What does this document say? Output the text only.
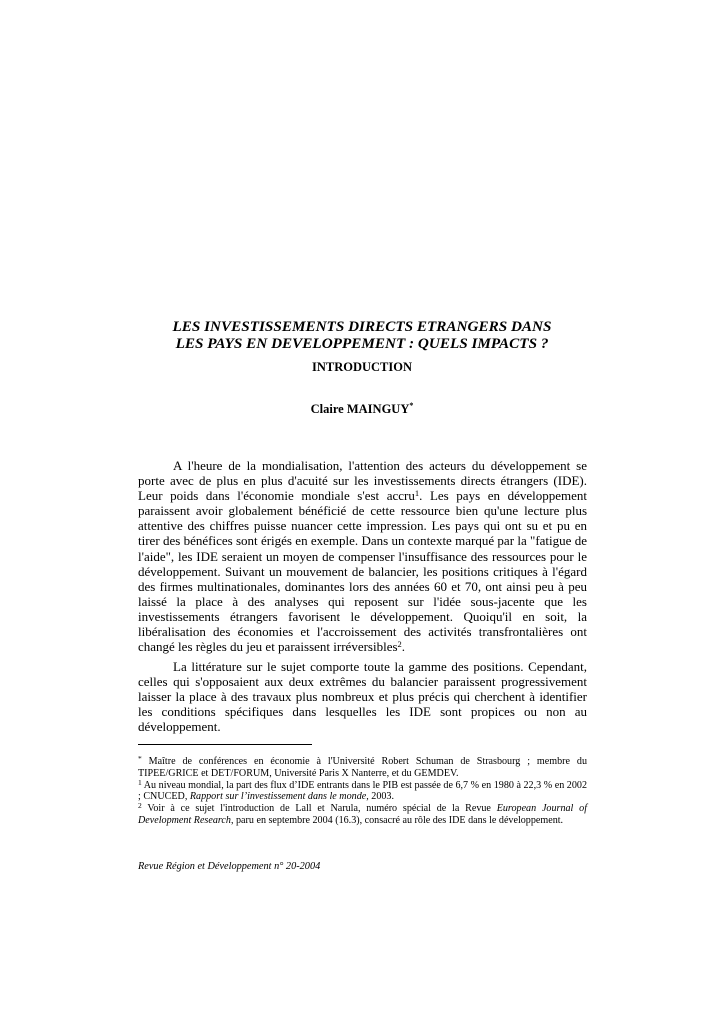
LES INVESTISSEMENTS DIRECTS ETRANGERS DANS
LES PAYS EN DEVELOPPEMENT : QUELS IMPACTS ?
INTRODUCTION
Claire MAINGUY*

A l'heure de la mondialisation, l'attention des acteurs du développement se porte avec de plus en plus d'acuité sur les investissements directs étrangers (IDE). Leur poids dans l'économie mondiale s'est accru$^1$. Les pays en développement paraissent avoir globalement bénéficié de cette ressource bien qu'une lecture plus attentive des chiffres puisse nuancer cette impression. Les pays qui ont su et pu en tirer des bénéfices sont érigés en exemple. Dans un contexte marqué par la "fatigue de l'aide", les IDE seraient un moyen de compenser l'insuffisance des ressources pour le développement. Suivant un mouvement de balancier, les positions critiques à l'égard des firmes multinationales, dominantes lors des années 60 et 70, ont ainsi peu à peu laissé la place à des analyses qui reposent sur l'idée sous-jacente que les investissements étrangers favorisent le développement. Quoiqu'il en soit, la libéralisation des économies et l'accroissement des activités transfrontalières ont changé les règles du jeu et paraissent irréversibles$^2$.

La littérature sur le sujet comporte toute la gamme des positions. Cependant, celles qui s'opposaient aux deux extrêmes du balancier paraissent progressivement laisser la place à des travaux plus nombreux et plus précis qui cherchent à identifier les conditions spécifiques dans lesquelles les IDE sont propices ou non au développement.

* Maître de conférences en économie à l'Université Robert Schuman de Strasbourg ; membre du TIPEE/GRICE et DET/FORUM, Université Paris X Nanterre, et du GEMDEV.

$^1$ Au niveau mondial, la part des flux d’IDE entrants dans le PIB est passée de 6,7 % en 1980 à 22,3 % en 2002 ; CNUCED, Rapport sur l’investissement dans le monde, 2003.

$^2$ Voir à ce sujet l'introduction de Lall et Narula, numéro spécial de la Revue European Journal of Development Research, paru en septembre 2004 (16.3), consacré au rôle des IDE dans le développement.

Revue Région et Développement n° 20-2004
